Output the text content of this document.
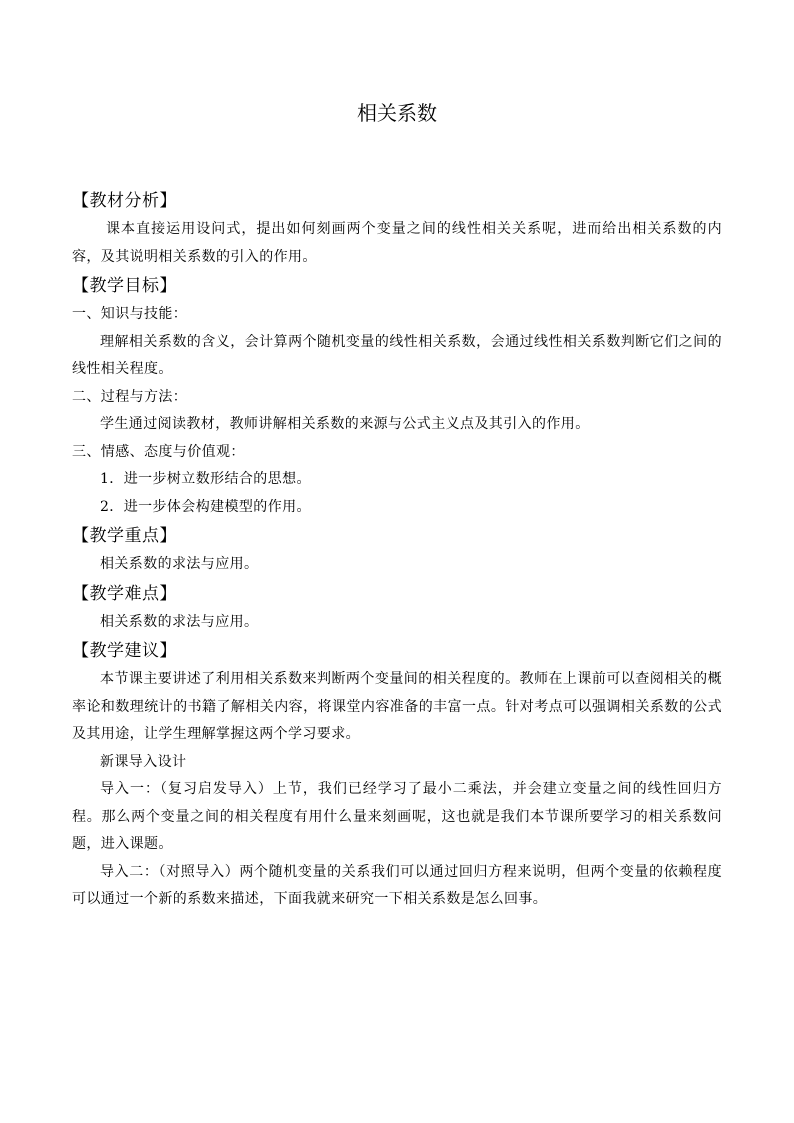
相关系数
【教材分析】

课本直接运用设问式，提出如何刻画两个变量之间的线性相关关系呢，进而给出相关系数的内容，及其说明相关系数的引入的作用。

【教学目标】

一、知识与技能：

理解相关系数的含义，会计算两个随机变量的线性相关系数，会通过线性相关系数判断它们之间的线性相关程度。

二、过程与方法：

学生通过阅读教材，教师讲解相关系数的来源与公式主义点及其引入的作用。

三、情感、态度与价值观：

1．进一步树立数形结合的思想。

2．进一步体会构建模型的作用。

【教学重点】

相关系数的求法与应用。

【教学难点】

相关系数的求法与应用。

【教学建议】

本节课主要讲述了利用相关系数来判断两个变量间的相关程度的。教师在上课前可以查阅相关的概率论和数理统计的书籍了解相关内容，将课堂内容准备的丰富一点。针对考点可以强调相关系数的公式及其用途，让学生理解掌握这两个学习要求。

新课导入设计

导入一：（复习启发导入）上节，我们已经学习了最小二乘法，并会建立变量之间的线性回归方程。那么两个变量之间的相关程度有用什么量来刻画呢，这也就是我们本节课所要学习的相关系数问题，进入课题。

导入二：（对照导入）两个随机变量的关系我们可以通过回归方程来说明，但两个变量的依赖程度可以通过一个新的系数来描述，下面我就来研究一下相关系数是怎么回事。
